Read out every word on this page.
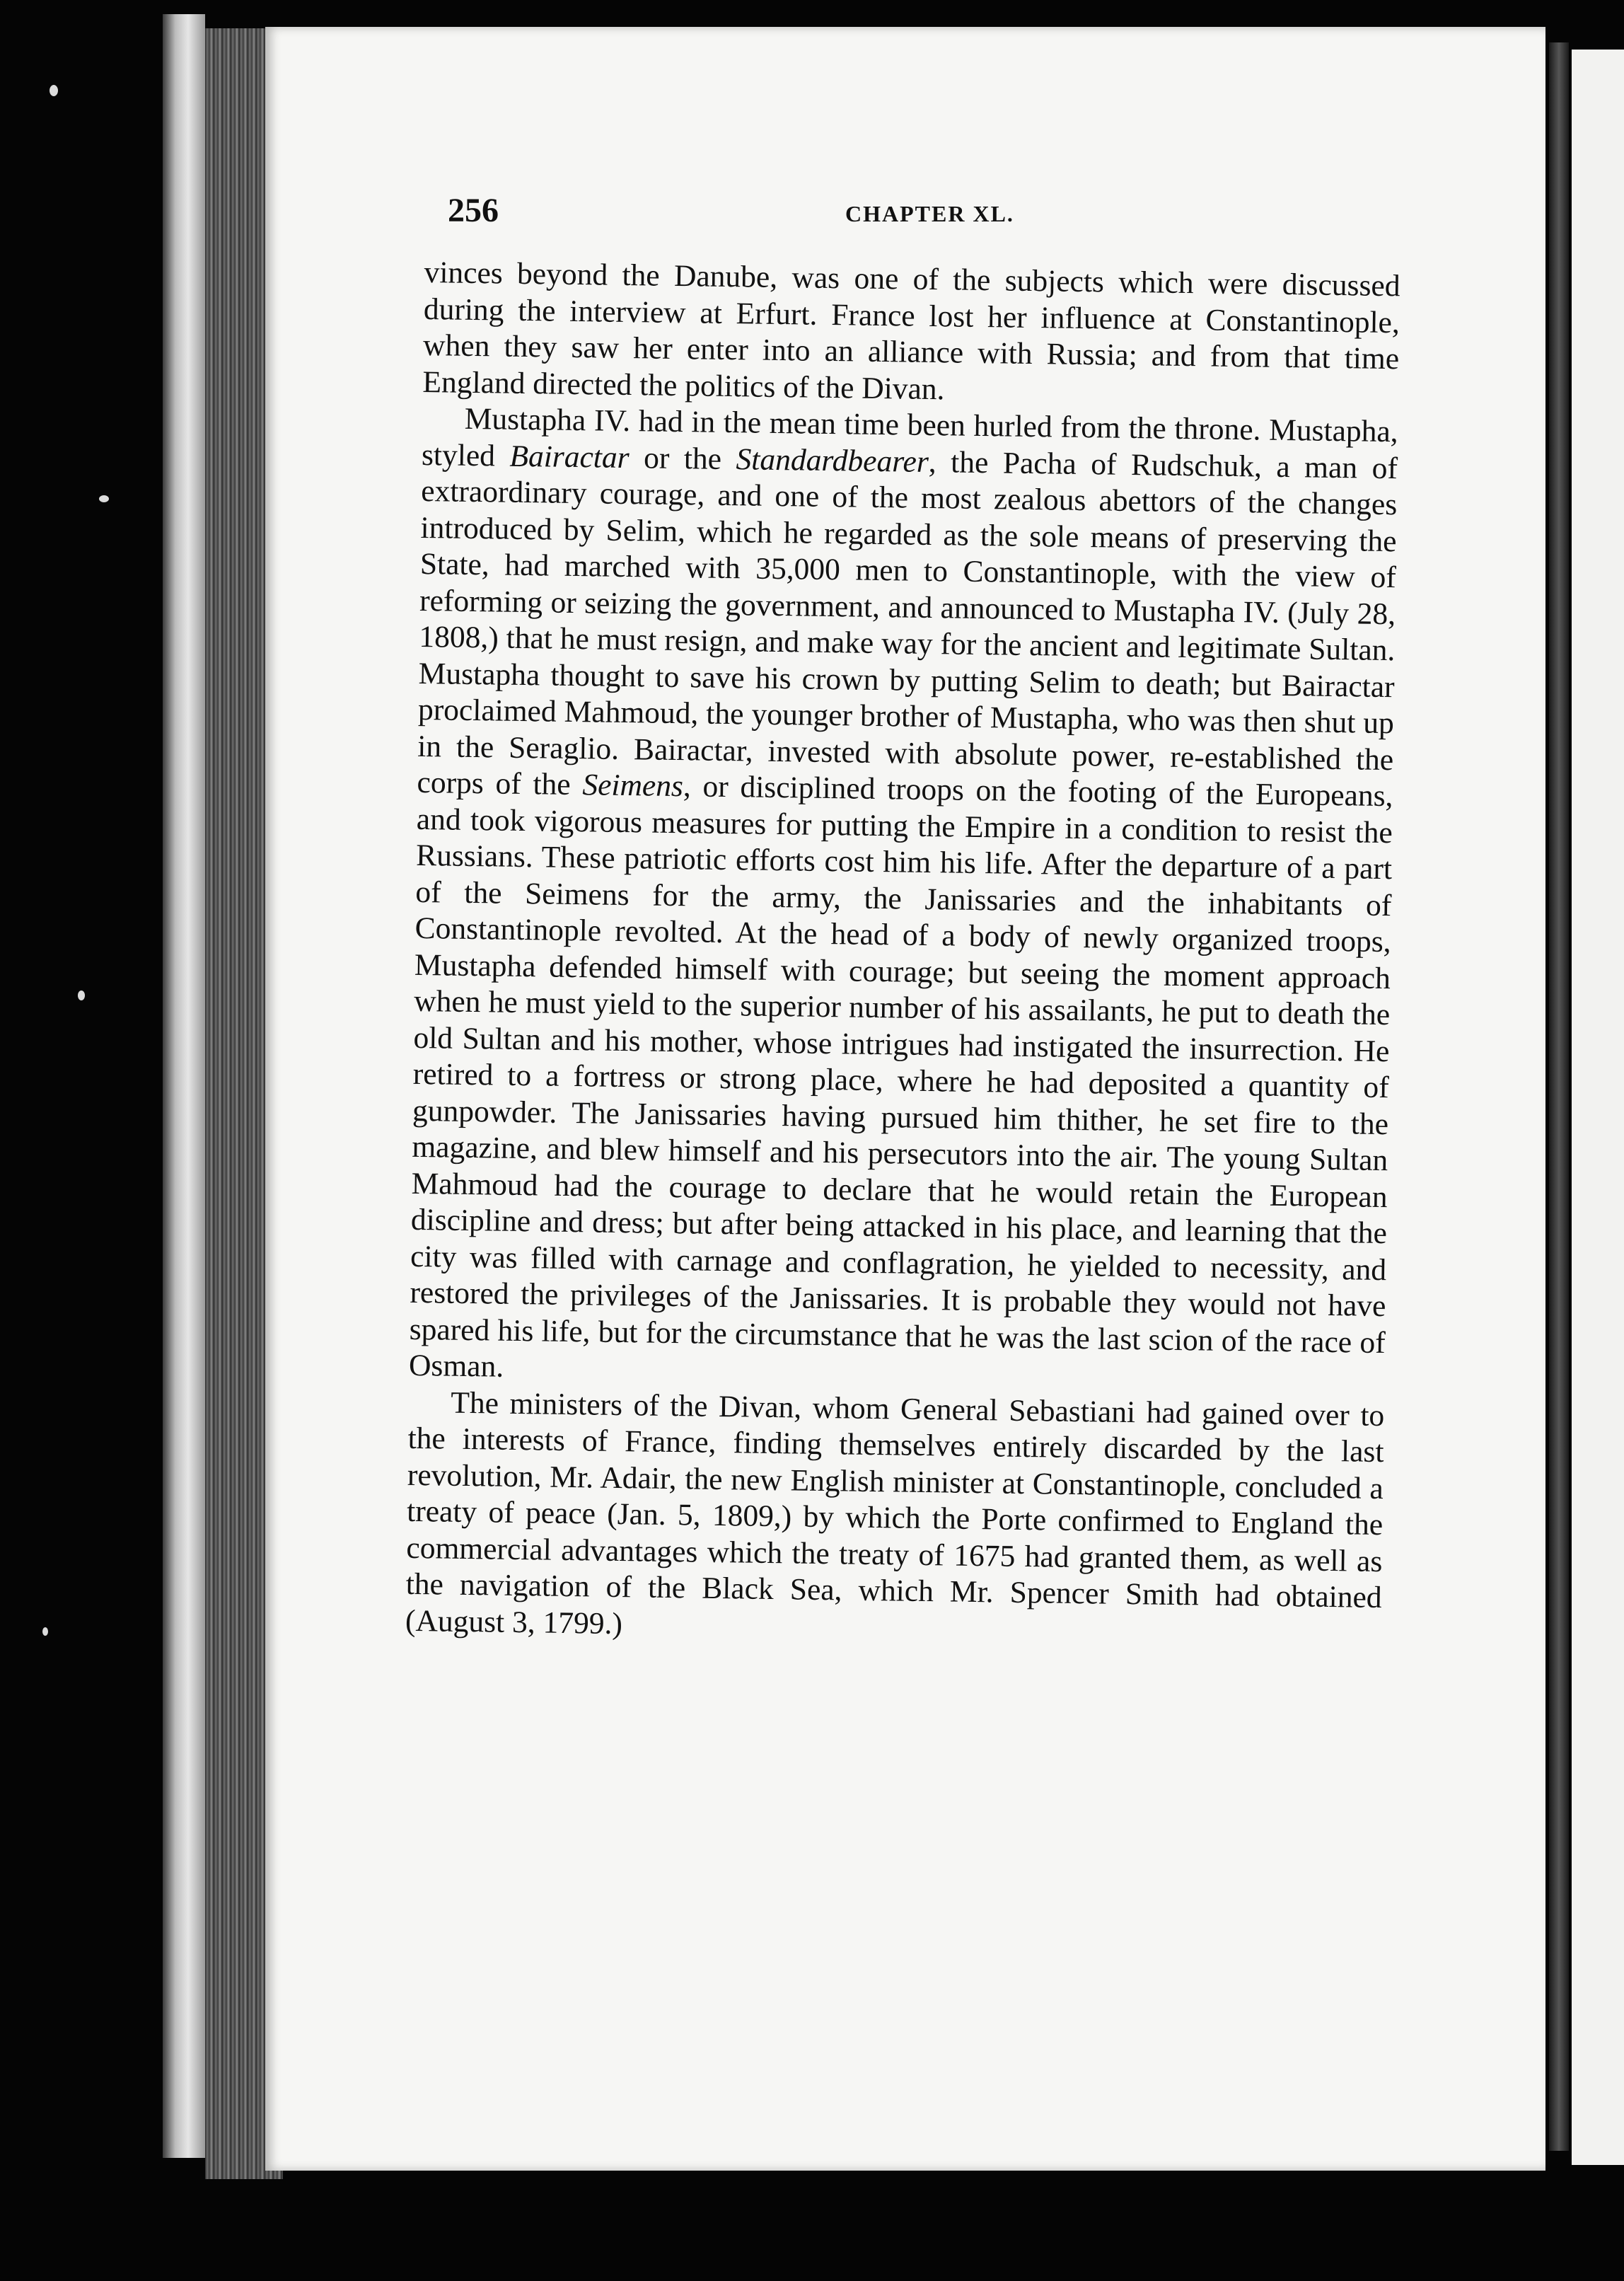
256	CHAPTER XL.

vinces beyond the Danube, was one of the subjects which were discussed during the interview at Erfurt. France lost her influence at Constantinople, when they saw her enter into an alliance with Russia; and from that time England directed the politics of the Divan.

Mustapha IV. had in the mean time been hurled from the throne. Mustapha, styled Bairactar or the Standardbearer, the Pacha of Rudschuk, a man of extraordinary courage, and one of the most zealous abettors of the changes introduced by Selim, which he regarded as the sole means of preserving the State, had marched with 35,000 men to Constantinople, with the view of reforming or seizing the government, and announced to Mustapha IV. (July 28, 1808,) that he must resign, and make way for the ancient and legitimate Sultan. Mustapha thought to save his crown by putting Selim to death; but Bairactar proclaimed Mahmoud, the younger brother of Mustapha, who was then shut up in the Seraglio. Bairactar, invested with absolute power, re-established the corps of the Seimens, or disciplined troops on the footing of the Europeans, and took vigorous measures for putting the Empire in a condition to resist the Russians. These patriotic efforts cost him his life. After the departure of a part of the Seimens for the army, the Janissaries and the inhabitants of Constantinople revolted. At the head of a body of newly organized troops, Mustapha defended himself with courage; but seeing the moment approach when he must yield to the superior number of his assailants, he put to death the old Sultan and his mother, whose intrigues had instigated the insurrection. He retired to a fortress or strong place, where he had deposited a quantity of gunpowder. The Janissaries having pursued him thither, he set fire to the magazine, and blew himself and his persecutors into the air. The young Sultan Mahmoud had the courage to declare that he would retain the European discipline and dress; but after being attacked in his place, and learning that the city was filled with carnage and conflagration, he yielded to necessity, and restored the privileges of the Janissaries. It is probable they would not have spared his life, but for the circumstance that he was the last scion of the race of Osman.

The ministers of the Divan, whom General Sebastiani had gained over to the interests of France, finding themselves entirely discarded by the last revolution, Mr. Adair, the new English minister at Constantinople, concluded a treaty of peace (Jan. 5, 1809,) by which the Porte confirmed to England the commercial advantages which the treaty of 1675 had granted them, as well as the navigation of the Black Sea, which Mr. Spencer Smith had obtained (August 3, 1799.)
